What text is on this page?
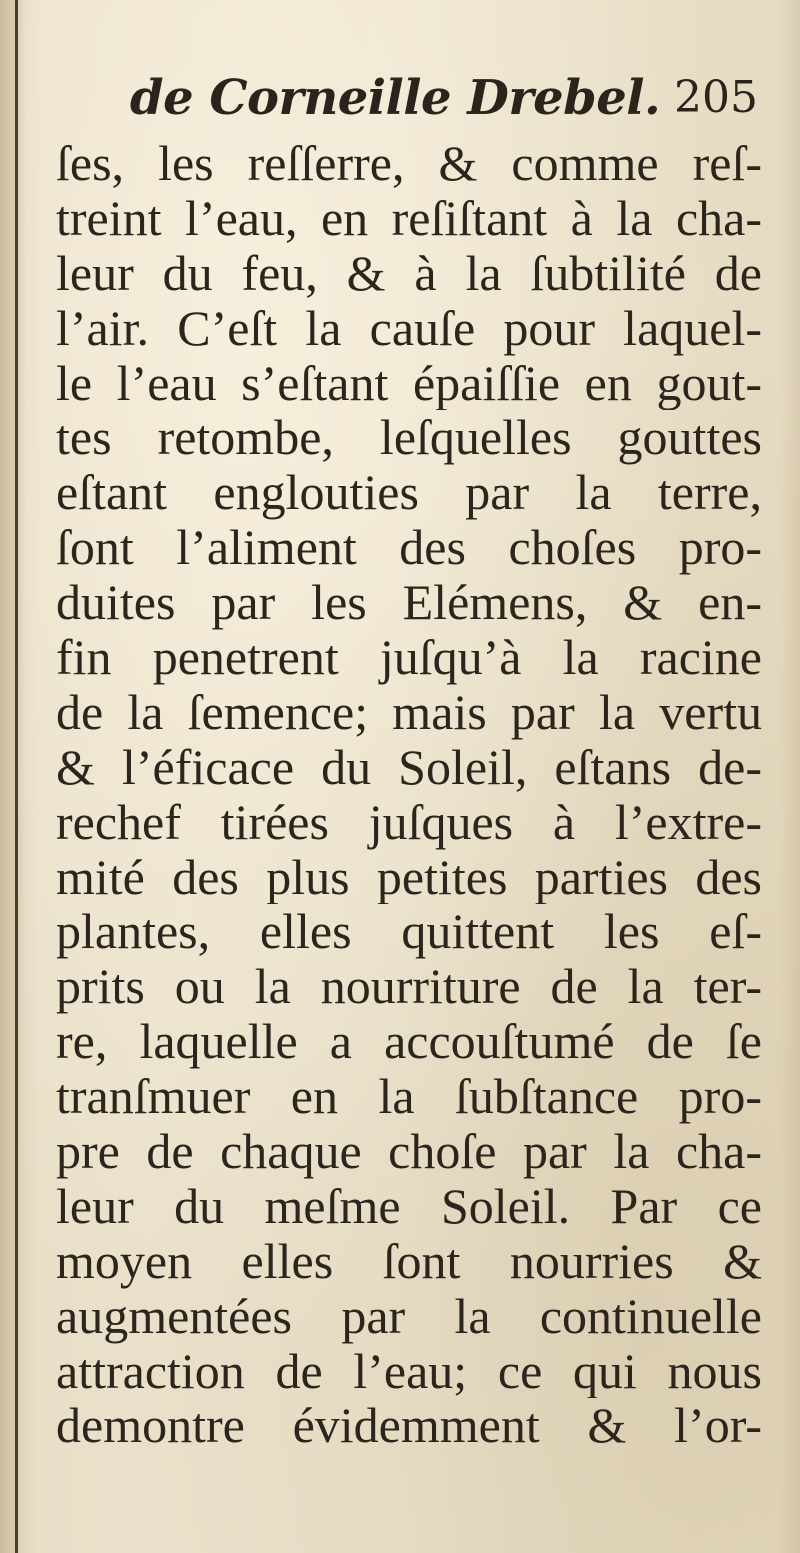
de Corneille Drebel. 205
ſes, les reſſerre, & comme reſ-
treint l’eau, en reſiſtant à la cha-
leur du feu, & à la ſubtilité de
l’air. C’eſt la cauſe pour laquel-
le l’eau s’eſtant épaiſſie en gout-
tes retombe, leſquelles gouttes
eſtant englouties par la terre,
ſont l’aliment des choſes pro-
duites par les Elémens, & en-
fin penetrent juſqu’à la racine
de la ſemence; mais par la vertu
& l’éficace du Soleil, eſtans de-
rechef tirées juſques à l’extre-
mité des plus petites parties des
plantes, elles quittent les eſ-
prits ou la nourriture de la ter-
re, laquelle a accouſtumé de ſe
tranſmuer en la ſubſtance pro-
pre de chaque choſe par la cha-
leur du meſme Soleil. Par ce
moyen elles ſont nourries &
augmentées par la continuelle
attraction de l’eau; ce qui nous
demontre évidemment & l’or-
